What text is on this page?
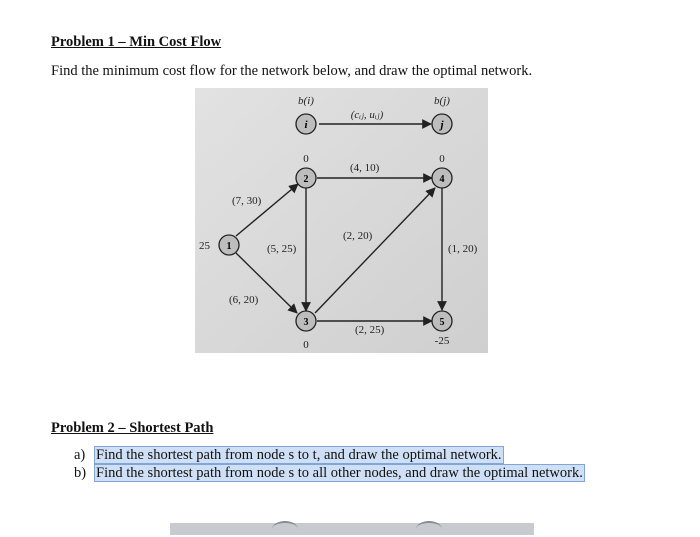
Problem 1 – Min Cost Flow
Find the minimum cost flow for the network below, and draw the optimal network.
i	j
1
2
3
4
5
b(i)	b(j)
(cᵢⱼ, uᵢⱼ)
25
0
0
0
-25
(7, 30)
(6, 20)
(5, 25)
(4, 10)
(2, 20)
(2, 25)
(1, 20)
Problem 2 – Shortest Path
a) Find the shortest path from node s to t, and draw the optimal network.
b) Find the shortest path from node s to all other nodes, and draw the optimal network.
